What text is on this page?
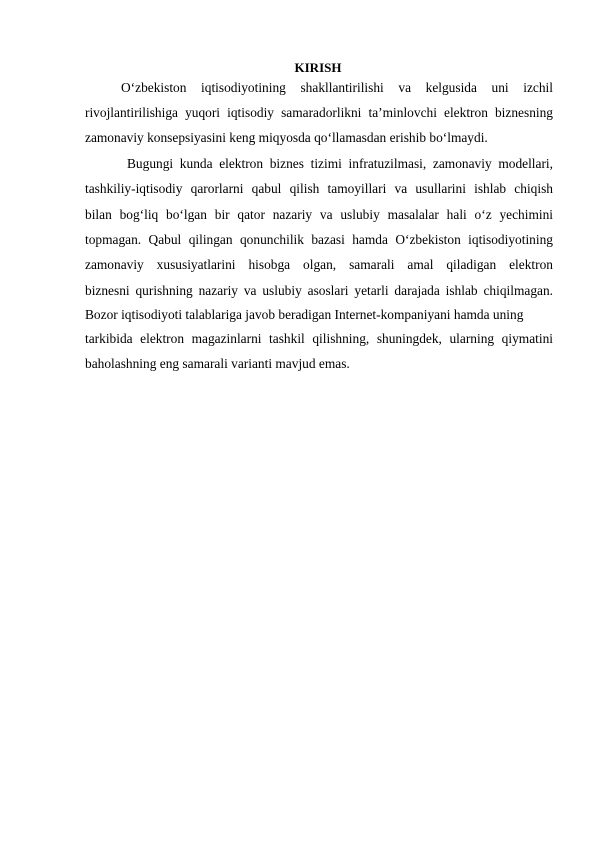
KIRISH
O‘zbekiston iqtisodiyotining shakllantirilishi va kelgusida uni izchil
rivojlantirilishiga yuqori iqtisodiy samaradorlikni ta’minlovchi elektron biznesning
zamonaviy konsepsiyasini keng miqyosda qo‘llamasdan erishib bo‘lmaydi.
Bugungi kunda elektron biznes tizimi infratuzilmasi, zamonaviy modellari,
tashkiliy-iqtisodiy qarorlarni qabul qilish tamoyillari va usullarini ishlab chiqish
bilan bog‘liq bo‘lgan bir qator nazariy va uslubiy masalalar hali o‘z yechimini
topmagan. Qabul qilingan qonunchilik bazasi hamda O‘zbekiston iqtisodiyotining
zamonaviy xususiyatlarini hisobga olgan, samarali amal qiladigan elektron
biznesni qurishning nazariy va uslubiy asoslari yetarli darajada ishlab chiqilmagan.
Bozor iqtisodiyoti talablariga javob beradigan Internet-kompaniyani hamda uning
tarkibida elektron magazinlarni tashkil qilishning, shuningdek, ularning qiymatini
baholashning eng samarali varianti mavjud emas.
